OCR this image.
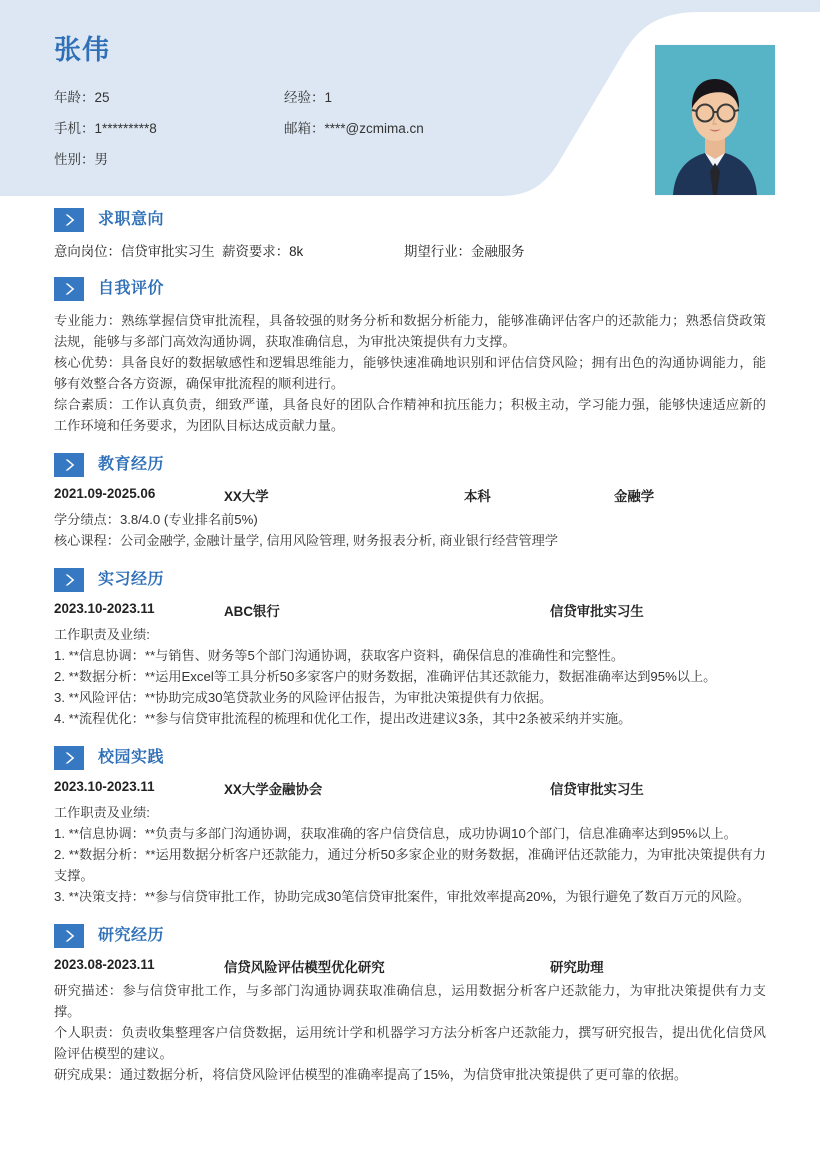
张伟
年龄：25	经验：1
手机：1*********8	邮箱：****@zcmima.cn
性别：男
求职意向
意向岗位：信贷审批实习生 薪资要求：8k	期望行业：金融服务
自我评价

专业能力：熟练掌握信贷审批流程，具备较强的财务分析和数据分析能力，能够准确评估客户的还款能力；熟悉信贷政策法规，能够与多部门高效沟通协调，获取准确信息，为审批决策提供有力支撑。

核心优势：具备良好的数据敏感性和逻辑思维能力，能够快速准确地识别和评估信贷风险；拥有出色的沟通协调能力，能够有效整合各方资源，确保审批流程的顺利进行。

综合素质：工作认真负责，细致严谨，具备良好的团队合作精神和抗压能力；积极主动，学习能力强，能够快速适应新的工作环境和任务要求，为团队目标达成贡献力量。

教育经历
2021.09-2025.06	XX大学	本科	金融学

学分绩点：3.8/4.0 (专业排名前5%)

核心课程：公司金融学, 金融计量学, 信用风险管理, 财务报表分析, 商业银行经营管理学

实习经历
2023.10-2023.11	ABC银行	信贷审批实习生

工作职责及业绩:

1. **信息协调：**与销售、财务等5个部门沟通协调，获取客户资料，确保信息的准确性和完整性。

2. **数据分析：**运用Excel等工具分析50多家客户的财务数据，准确评估其还款能力，数据准确率达到95%以上。

3. **风险评估：**协助完成30笔贷款业务的风险评估报告，为审批决策提供有力依据。

4. **流程优化：**参与信贷审批流程的梳理和优化工作，提出改进建议3条，其中2条被采纳并实施。

校园实践
2023.10-2023.11	XX大学金融协会	信贷审批实习生

工作职责及业绩:

1. **信息协调：**负责与多部门沟通协调，获取准确的客户信贷信息，成功协调10个部门，信息准确率达到95%以上。

2. **数据分析：**运用数据分析客户还款能力，通过分析50多家企业的财务数据，准确评估还款能力，为审批决策提供有力支撑。

3. **决策支持：**参与信贷审批工作，协助完成30笔信贷审批案件，审批效率提高20%，为银行避免了数百万元的风险。

研究经历
2023.08-2023.11	信贷风险评估模型优化研究	研究助理

研究描述：参与信贷审批工作，与多部门沟通协调获取准确信息，运用数据分析客户还款能力，为审批决策提供有力支撑。

个人职责：负责收集整理客户信贷数据，运用统计学和机器学习方法分析客户还款能力，撰写研究报告，提出优化信贷风险评估模型的建议。

研究成果：通过数据分析，将信贷风险评估模型的准确率提高了15%，为信贷审批决策提供了更可靠的依据。
